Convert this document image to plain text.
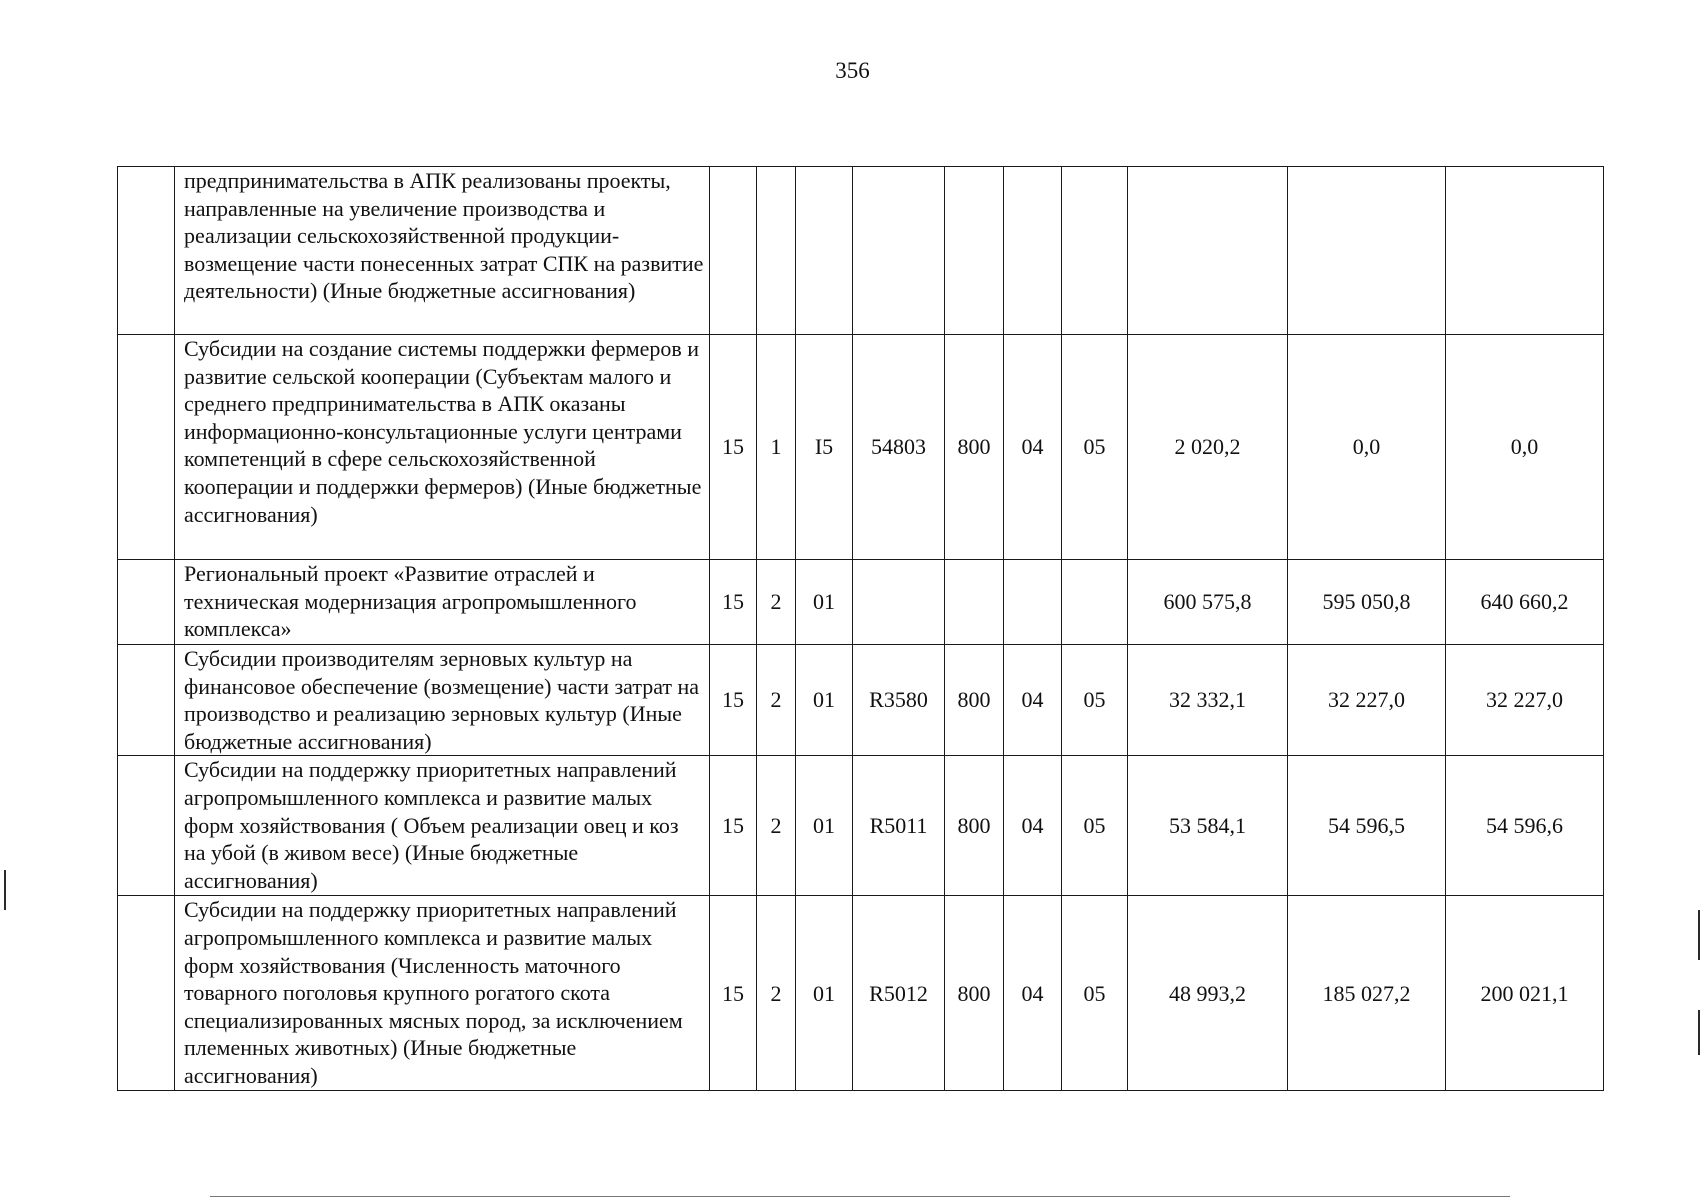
356
	предпринимательства в АПК реализованы проекты, направленные на увеличение производства и реализации сельскохозяйственной продукции-возмещение части понесенных затрат СПК на развитие деятельности) (Иные бюджетные ассигнования)										
	Субсидии на создание системы поддержки фермеров и развитие сельской кооперации (Субъектам малого и среднего предпринимательства в АПК оказаны информационно-консультационные услуги центрами компетенций в сфере сельскохозяйственной кооперации и поддержки фермеров) (Иные бюджетные ассигнования)	15	1	I5	54803	800	04	05	2 020,2	0,0	0,0
	Региональный проект «Развитие отраслей и техническая модернизация агропромышленного комплекса»	15	2	01					600 575,8	595 050,8	640 660,2
	Субсидии производителям зерновых культур на финансовое обеспечение (возмещение) части затрат на производство и реализацию зерновых культур (Иные бюджетные ассигнования)	15	2	01	R3580	800	04	05	32 332,1	32 227,0	32 227,0
	Субсидии на поддержку приоритетных направлений агропромышленного комплекса и развитие малых форм хозяйствования ( Объем реализации овец и коз на убой (в живом весе) (Иные бюджетные ассигнования)	15	2	01	R5011	800	04	05	53 584,1	54 596,5	54 596,6
	Субсидии на поддержку приоритетных направлений агропромышленного комплекса и развитие малых форм хозяйствования (Численность маточного товарного поголовья крупного рогатого скота специализированных мясных пород, за исключением племенных животных) (Иные бюджетные ассигнования)	15	2	01	R5012	800	04	05	48 993,2	185 027,2	200 021,1
